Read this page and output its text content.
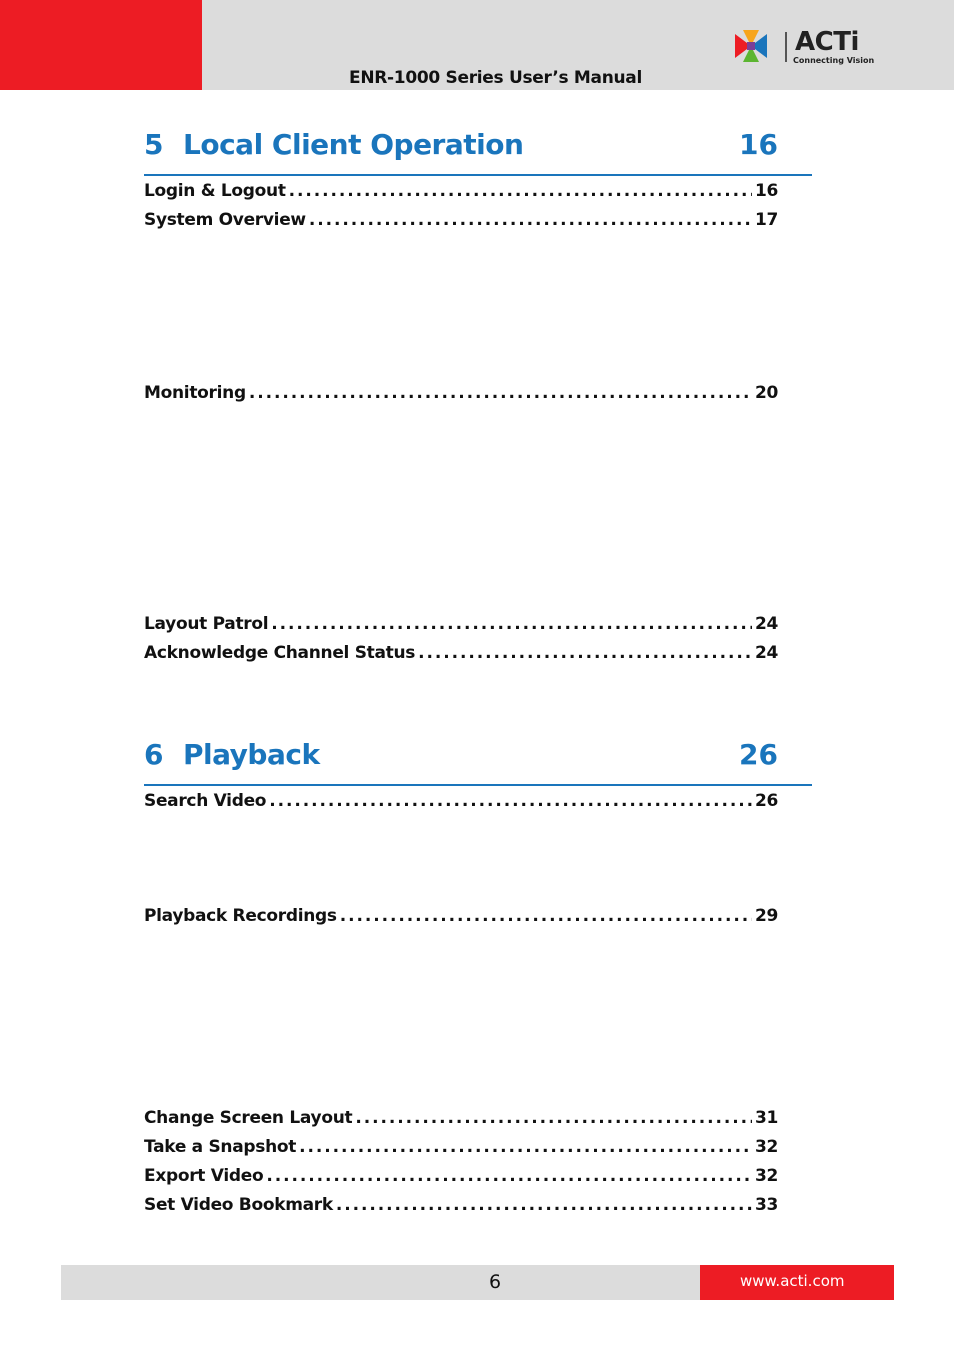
ENR-1000 Series User’s Manual
ACTi
Connecting Vision
5 Local Client Operation	16
Login & Logout . . .	16
System Overview . . .	17
Monitoring . . .	20
Layout Patrol . . .	24
Acknowledge Channel Status . . .	24
6 Playback	26
Search Video . . .	26
Playback Recordings . . .	29
Change Screen Layout . . .	31
Take a Snapshot . . .	32
Export Video . . .	32
Set Video Bookmark . . .	33
6	www.acti.com
